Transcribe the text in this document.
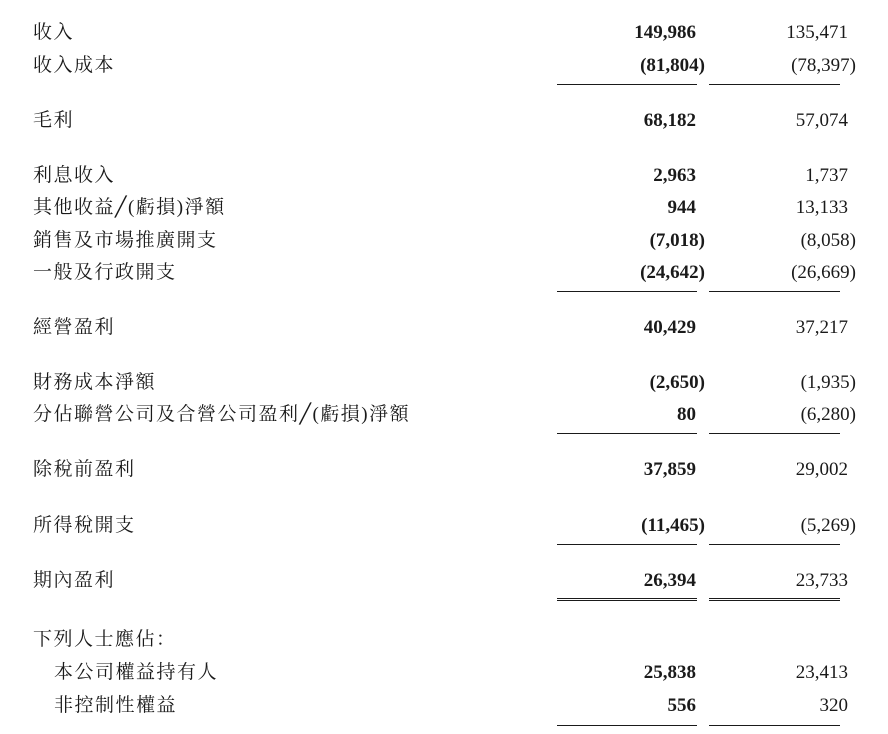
收入	149,986	135,471
收入成本	(81,804)	(78,397)
毛利	68,182	57,074
利息收入	2,963	1,737
其他收益╱(虧損)淨額	944	13,133
銷售及市場推廣開支	(7,018)	(8,058)
一般及行政開支	(24,642)	(26,669)
經營盈利	40,429	37,217
財務成本淨額	(2,650)	(1,935)
分佔聯營公司及合營公司盈利╱(虧損)淨額	80	(6,280)
除稅前盈利	37,859	29,002
所得稅開支	(11,465)	(5,269)
期內盈利	26,394	23,733
下列人士應佔：
本公司權益持有人	25,838	23,413
非控制性權益	556	320
